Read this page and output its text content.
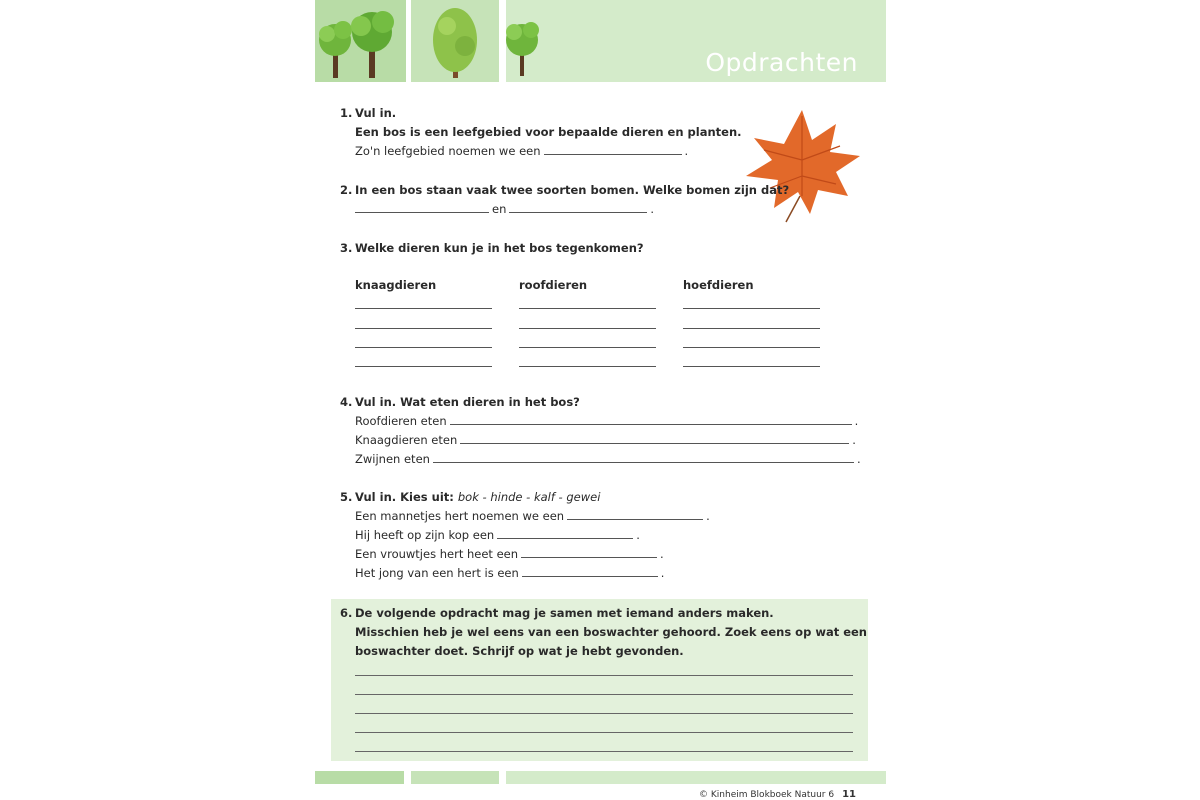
Opdrachten
1. Vul in.
Een bos is een leefgebied voor bepaalde dieren en planten.
Zo'n leefgebied noemen we een	.
2. In een bos staan vaak twee soorten bomen. Welke bomen zijn dat?
en	.
3. Welke dieren kun je in het bos tegenkomen?
knaagdieren	roofdieren	hoefdieren
4. Vul in. Wat eten dieren in het bos?
Roofdieren eten	.
Knaagdieren eten	.
Zwijnen eten	.
5. Vul in. Kies uit: bok - hinde - kalf - gewei
Een mannetjes hert noemen we een	.
Hij heeft op zijn kop een	.
Een vrouwtjes hert heet een	.
Het jong van een hert is een	.
6. De volgende opdracht mag je samen met iemand anders maken.
Misschien heb je wel eens van een boswachter gehoord. Zoek eens op wat een
boswachter doet. Schrijf op wat je hebt gevonden.
© Kinheim Blokboek Natuur 6 11
